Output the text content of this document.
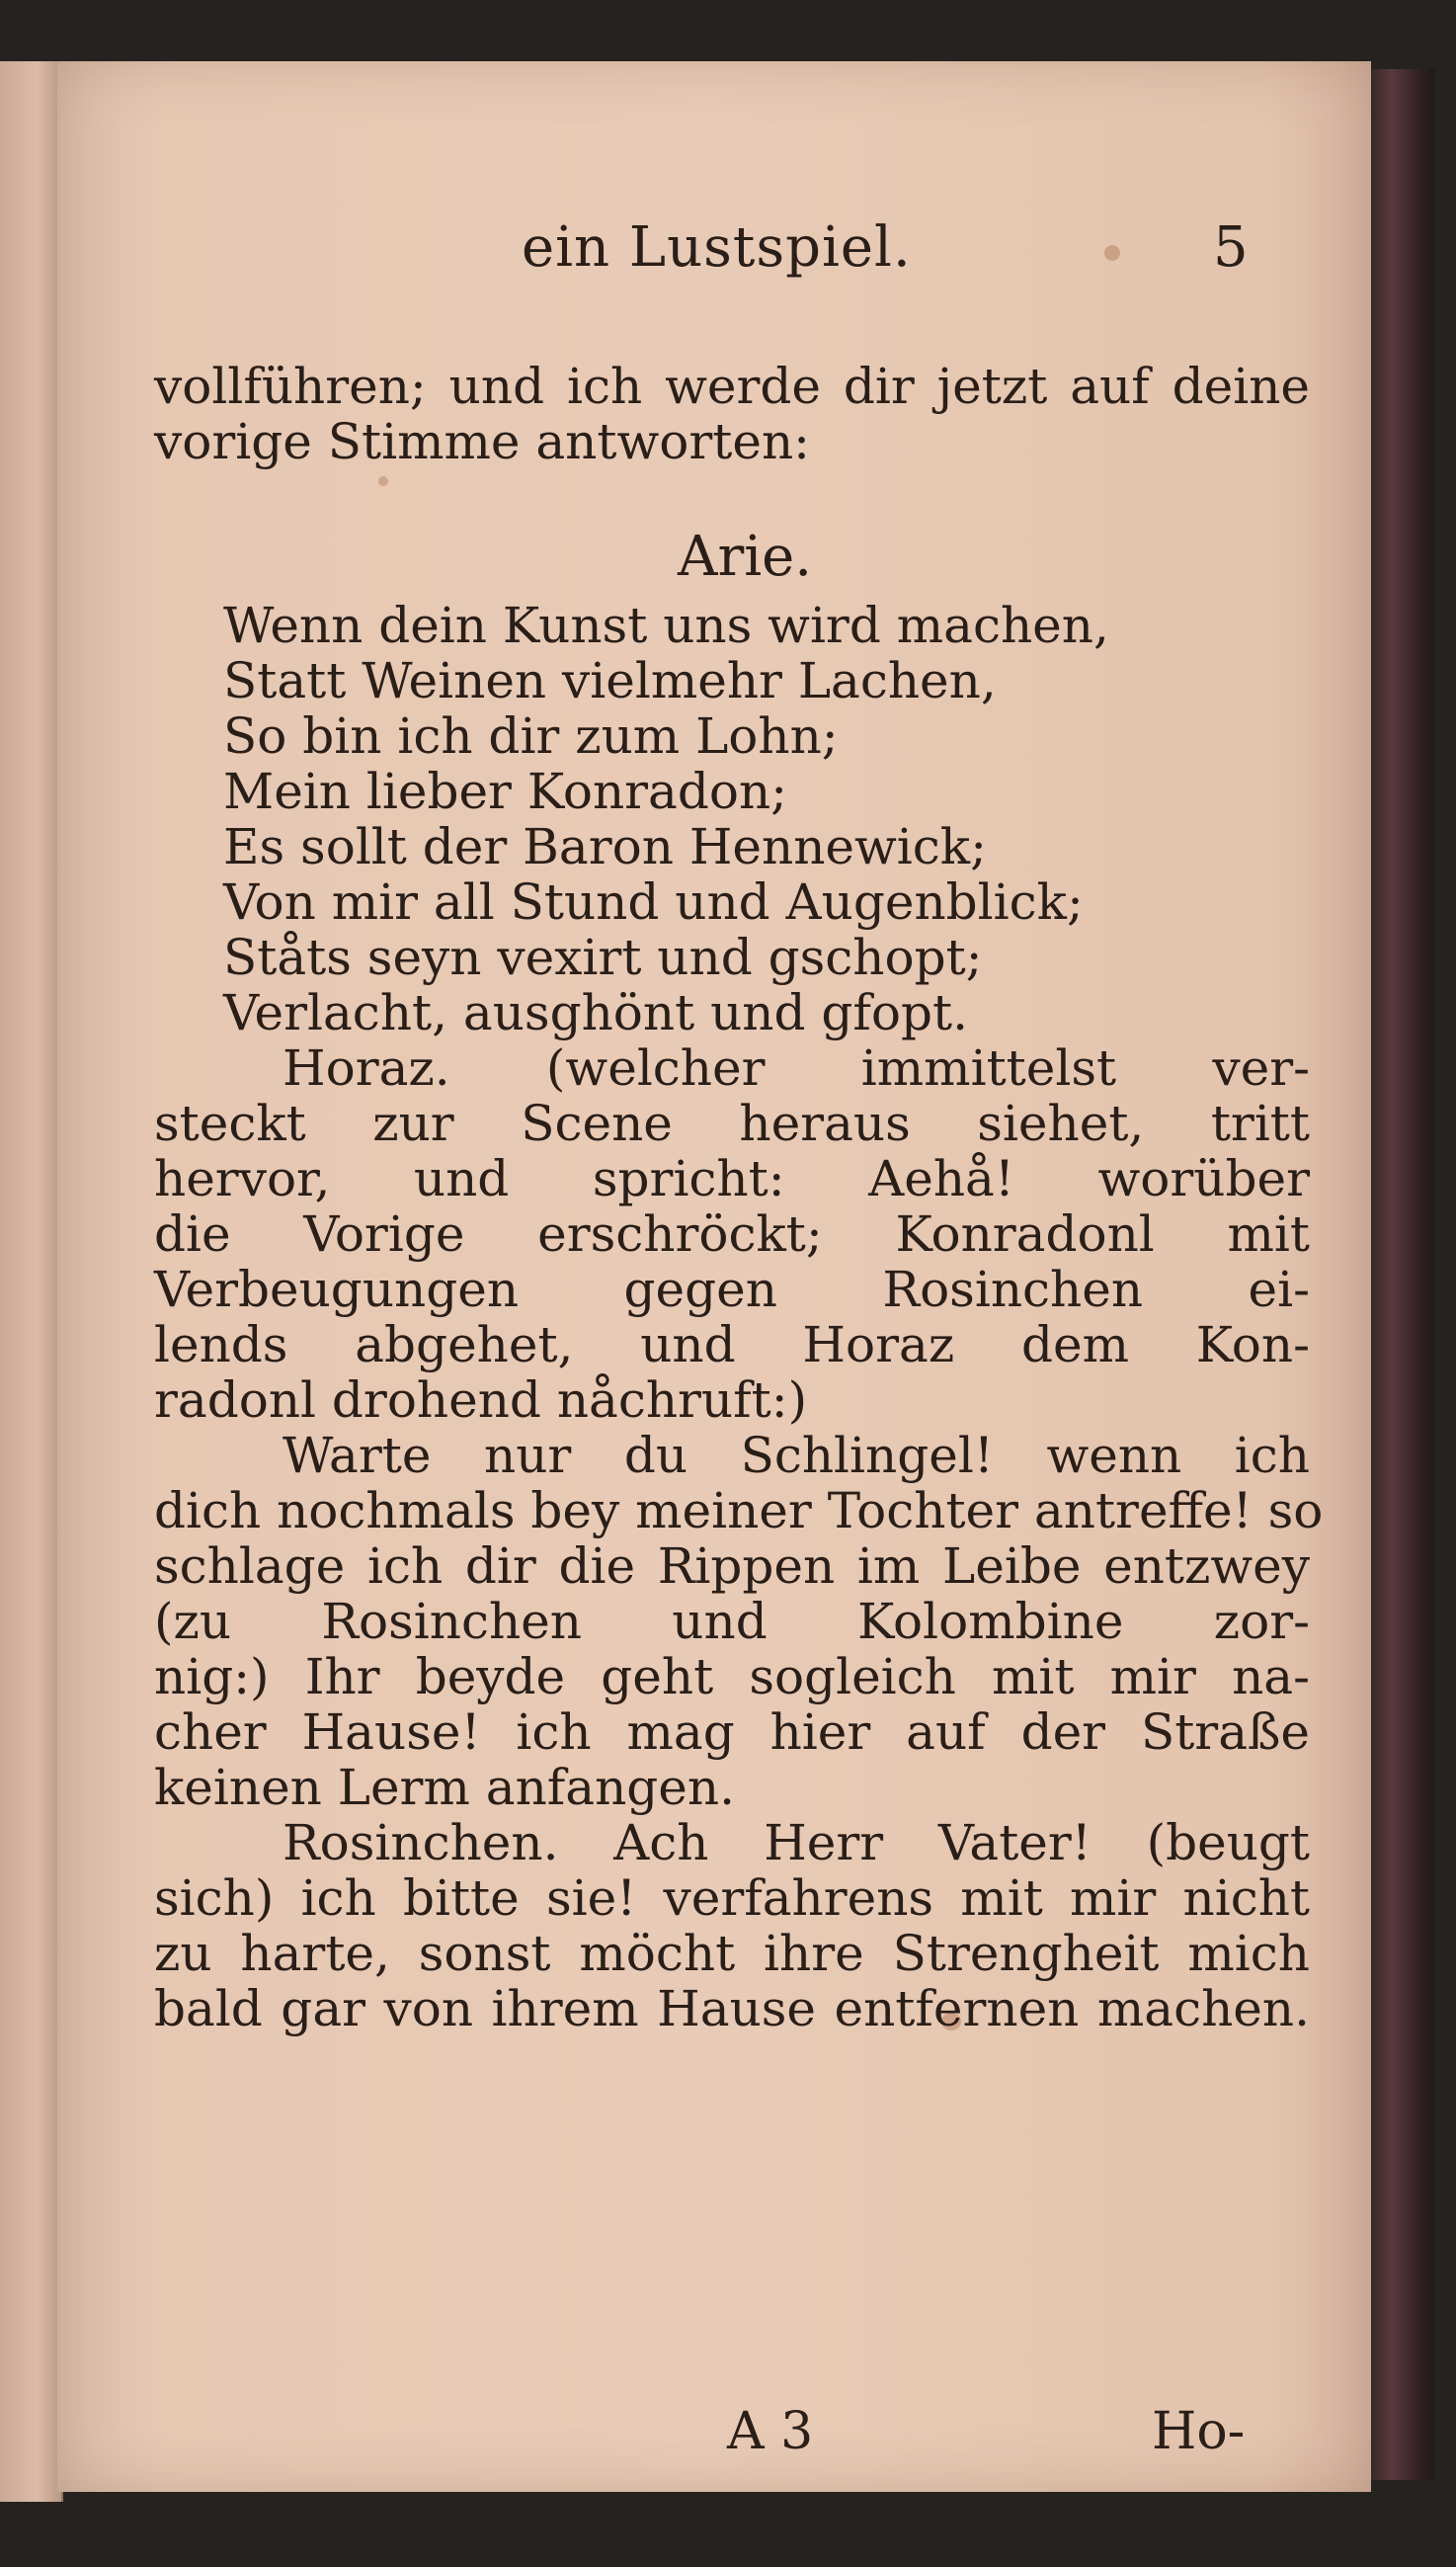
ein Lustspiel.	5
vollführen; und ich werde dir jetzt auf deine
vorige Stimme antworten:
Arie.
Wenn dein Kunst uns wird machen,
Statt Weinen vielmehr Lachen,
So bin ich dir zum Lohn;
Mein lieber Konradon;
Es sollt der Baron Hennewick;
Von mir all Stund und Augenblick;
Ståts seyn vexirt und gschopt;
Verlacht, ausghönt und gfopt.
Horaz. (welcher immittelst ver-
steckt zur Scene heraus siehet, tritt
hervor, und spricht: Aehå! worüber
die Vorige erschröckt; Konradonl mit
Verbeugungen gegen Rosinchen ei-
lends abgehet, und Horaz dem Kon-
radonl drohend nåchruft:)
Warte nur du Schlingel! wenn ich
dich nochmals bey meiner Tochter antreffe! so
schlage ich dir die Rippen im Leibe entzwey
(zu Rosinchen und Kolombine zor-
nig:) Ihr beyde geht sogleich mit mir na-
cher Hause! ich mag hier auf der Straße
keinen Lerm anfangen.
Rosinchen. Ach Herr Vater! (beugt
sich) ich bitte sie! verfahrens mit mir nicht
zu harte, sonst möcht ihre Strengheit mich
bald gar von ihrem Hause entfernen machen.
A 3	Ho-
